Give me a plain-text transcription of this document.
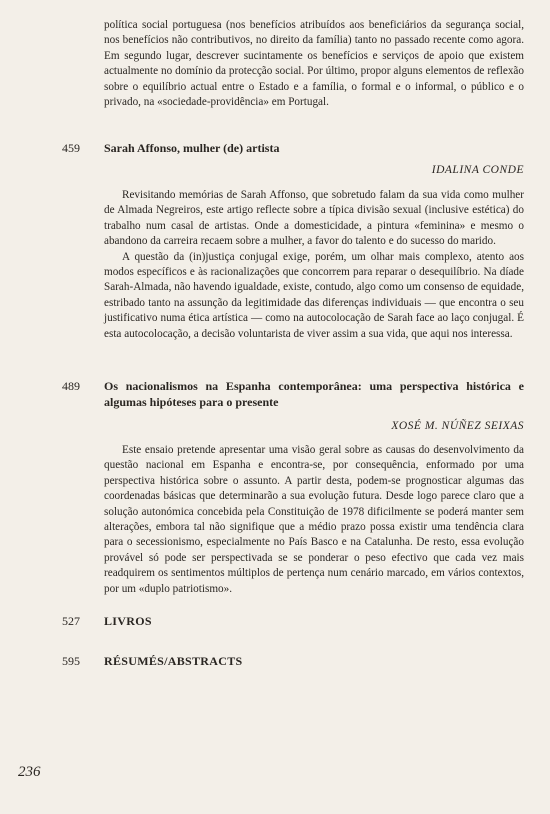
política social portuguesa (nos benefícios atribuídos aos beneficiários da segurança social, nos benefícios não contributivos, no direito da família) tanto no passado recente como agora. Em segundo lugar, descrever sucintamente os benefícios e serviços de apoio que existem actualmente no domínio da protecção social. Por último, propor alguns elementos de reflexão sobre o equilíbrio actual entre o Estado e a família, o formal e o informal, o público e o privado, na «sociedade-providência» em Portugal.
459	Sarah Affonso, mulher (de) artista
IDALINA CONDE

Revisitando memórias de Sarah Affonso, que sobretudo falam da sua vida como mulher de Almada Negreiros, este artigo reflecte sobre a típica divisão sexual (inclusive estética) do trabalho num casal de artistas. Onde a domesticidade, a pintura «feminina» e mesmo o abandono da carreira recaem sobre a mulher, a favor do talento e do sucesso do marido.

A questão da (in)justiça conjugal exige, porém, um olhar mais complexo, atento aos modos específicos e às racionalizações que concorrem para reparar o desequilíbrio. Na díade Sarah-Almada, não havendo igualdade, existe, contudo, algo como um consenso de equidade, estribado tanto na assunção da legitimidade das diferenças individuais — que encontra o seu justificativo numa ética artística — como na autocolocação de Sarah face ao laço conjugal. É esta autocolocação, a decisão voluntarista de viver assim a sua vida, que aqui nos interessa.

489	Os nacionalismos na Espanha contemporânea: uma perspectiva histórica e algumas hipóteses para o presente
XOSÉ M. NÚÑEZ SEIXAS

Este ensaio pretende apresentar uma visão geral sobre as causas do desenvolvimento da questão nacional em Espanha e encontra-se, por consequência, enformado por uma perspectiva histórica sobre o assunto. A partir desta, podem-se prognosticar algumas das coordenadas básicas que determinarão a sua evolução futura. Desde logo parece claro que a solução autonómica concebida pela Constituição de 1978 dificilmente se poderá manter sem alterações, embora tal não signifique que a médio prazo possa existir uma tendência clara para o secessionismo, especialmente no País Basco e na Catalunha. De resto, essa evolução provável só pode ser perspectivada se se ponderar o peso efectivo que cada vez mais readquirem os sentimentos múltiplos de pertença num cenário marcado, em vários contextos, por um «duplo patriotismo».

527 LIVROS
595 RÉSUMÉS/ABSTRACTS
236
